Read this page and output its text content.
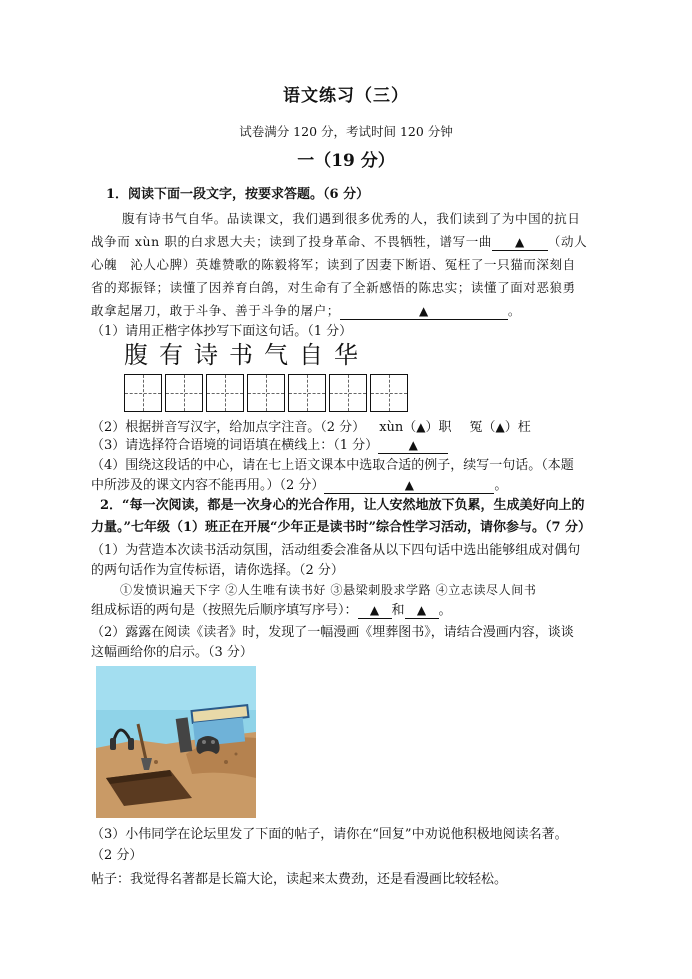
语文练习（三）
试卷满分 120 分，考试时间 120 分钟
一（19 分）
1．阅读下面一段文字，按要求答题。（6 分）
腹有诗书气自华。品读课文，我们遇到很多优秀的人，我们读到了为中国的抗日
战争而 xùn 职的白求恩大夫；读到了投身革命、不畏牺牲，谱写一曲 ▲ （动人
心魄　沁人心脾）英雄赞歌的陈毅将军；读到了因妻下断语、冤枉了一只猫而深刻自
省的郑振铎；读懂了因养育白鸽，对生命有了全新感悟的陈忠实；读懂了面对恶狼勇
敢拿起屠刀，敢于斗争、善于斗争的屠户；	▲	。
（1）请用正楷字体抄写下面这句话。（1 分）
腹有诗书气自华
（2）根据拼音写汉字，给加点字注音。（2 分） xùn（▲）职 冤（▲）枉
（3）请选择符合语境的词语填在横线上：（1 分）	▲
（4）围绕这段话的中心，请在七上语文课本中选取合适的例子，续写一句话。（本题
中所涉及的课文内容不能再用。）（2 分）	▲	。
2．“每一次阅读，都是一次身心的光合作用，让人安然地放下负累，生成美好向上的
力量。”七年级（1）班正在开展“少年正是读书时”综合性学习活动，请你参与。（7 分）
（1）为营造本次读书活动氛围，活动组委会准备从以下四句话中选出能够组成对偶句
的两句话作为宣传标语，请你选择。（2 分）
①发愤识遍天下字 ②人生唯有读书好 ③悬梁刺股求学路 ④立志读尽人间书
组成标语的两句是（按照先后顺序填写序号）： ▲ 和 ▲ 。
（2）露露在阅读《读者》时，发现了一幅漫画《埋葬图书》，请结合漫画内容，谈谈
这幅画给你的启示。（3 分）
（3）小伟同学在论坛里发了下面的帖子，请你在“回复”中劝说他积极地阅读名著。
（2 分）
帖子：我觉得名著都是长篇大论，读起来太费劲，还是看漫画比较轻松。
